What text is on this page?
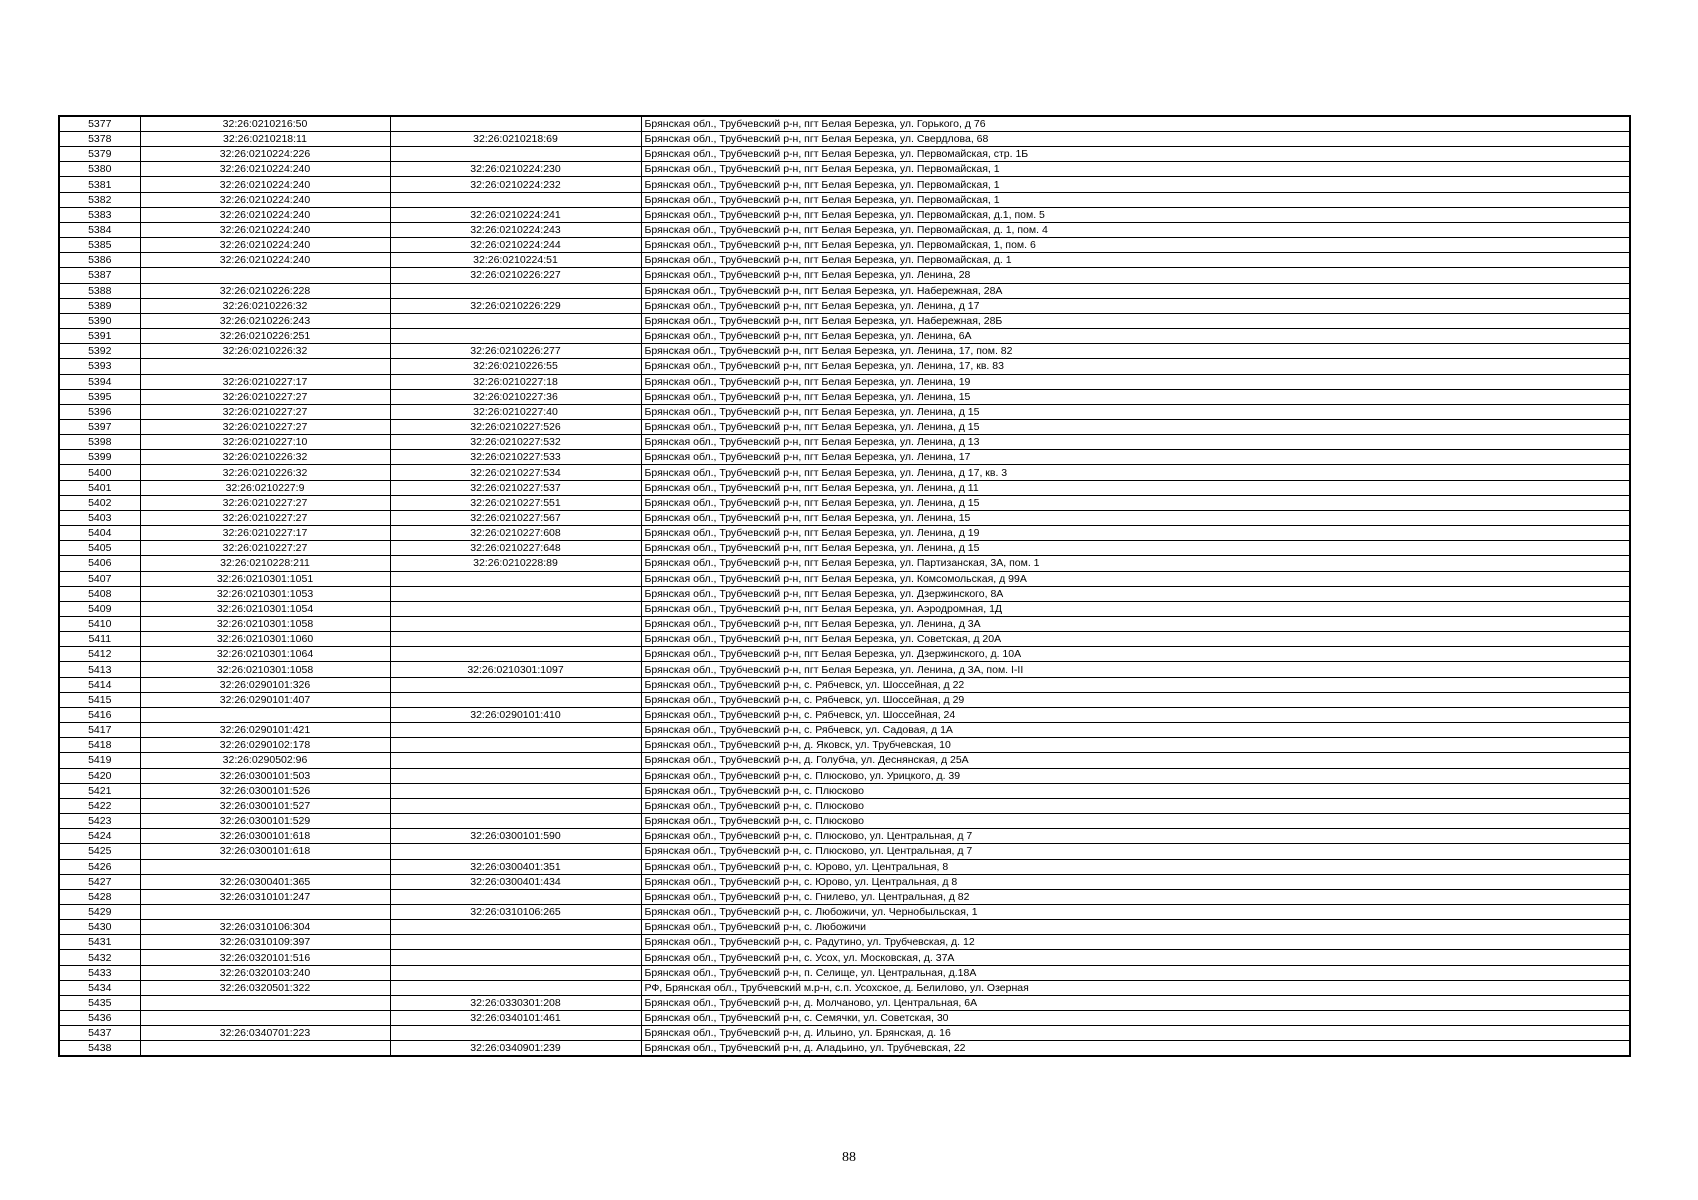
5377	32:26:0210216:50		Брянская обл., Трубчевский р-н, пгт Белая Березка, ул. Горького, д 76
5378	32:26:0210218:11	32:26:0210218:69	Брянская обл., Трубчевский р-н, пгт Белая Березка, ул. Свердлова, 68
5379	32:26:0210224:226		Брянская обл., Трубчевский р-н, пгт Белая Березка, ул. Первомайская, стр. 1Б
5380	32:26:0210224:240	32:26:0210224:230	Брянская обл., Трубчевский р-н, пгт Белая Березка, ул. Первомайская, 1
5381	32:26:0210224:240	32:26:0210224:232	Брянская обл., Трубчевский р-н, пгт Белая Березка, ул. Первомайская, 1
5382	32:26:0210224:240		Брянская обл., Трубчевский р-н, пгт Белая Березка, ул. Первомайская, 1
5383	32:26:0210224:240	32:26:0210224:241	Брянская обл., Трубчевский р-н, пгт Белая Березка, ул. Первомайская, д.1, пом. 5
5384	32:26:0210224:240	32:26:0210224:243	Брянская обл., Трубчевский р-н, пгт Белая Березка, ул. Первомайская, д. 1, пом. 4
5385	32:26:0210224:240	32:26:0210224:244	Брянская обл., Трубчевский р-н, пгт Белая Березка, ул. Первомайская, 1, пом. 6
5386	32:26:0210224:240	32:26:0210224:51	Брянская обл., Трубчевский р-н, пгт Белая Березка, ул. Первомайская, д. 1
5387		32:26:0210226:227	Брянская обл., Трубчевский р-н, пгт Белая Березка, ул. Ленина, 28
5388	32:26:0210226:228		Брянская обл., Трубчевский р-н, пгт Белая Березка, ул. Набережная, 28А
5389	32:26:0210226:32	32:26:0210226:229	Брянская обл., Трубчевский р-н, пгт Белая Березка, ул. Ленина, д 17
5390	32:26:0210226:243		Брянская обл., Трубчевский р-н, пгт Белая Березка, ул. Набережная, 28Б
5391	32:26:0210226:251		Брянская обл., Трубчевский р-н, пгт Белая Березка, ул. Ленина, 6А
5392	32:26:0210226:32	32:26:0210226:277	Брянская обл., Трубчевский р-н, пгт Белая Березка, ул. Ленина, 17, пом. 82
5393		32:26:0210226:55	Брянская обл., Трубчевский р-н, пгт Белая Березка, ул. Ленина, 17, кв. 83
5394	32:26:0210227:17	32:26:0210227:18	Брянская обл., Трубчевский р-н, пгт Белая Березка, ул. Ленина, 19
5395	32:26:0210227:27	32:26:0210227:36	Брянская обл., Трубчевский р-н, пгт Белая Березка, ул. Ленина, 15
5396	32:26:0210227:27	32:26:0210227:40	Брянская обл., Трубчевский р-н, пгт Белая Березка, ул. Ленина, д 15
5397	32:26:0210227:27	32:26:0210227:526	Брянская обл., Трубчевский р-н, пгт Белая Березка, ул. Ленина, д 15
5398	32:26:0210227:10	32:26:0210227:532	Брянская обл., Трубчевский р-н, пгт Белая Березка, ул. Ленина, д 13
5399	32:26:0210226:32	32:26:0210227:533	Брянская обл., Трубчевский р-н, пгт Белая Березка, ул. Ленина, 17
5400	32:26:0210226:32	32:26:0210227:534	Брянская обл., Трубчевский р-н, пгт Белая Березка, ул. Ленина, д 17, кв. 3
5401	32:26:0210227:9	32:26:0210227:537	Брянская обл., Трубчевский р-н, пгт Белая Березка, ул. Ленина, д 11
5402	32:26:0210227:27	32:26:0210227:551	Брянская обл., Трубчевский р-н, пгт Белая Березка, ул. Ленина, д 15
5403	32:26:0210227:27	32:26:0210227:567	Брянская обл., Трубчевский р-н, пгт Белая Березка, ул. Ленина, 15
5404	32:26:0210227:17	32:26:0210227:608	Брянская обл., Трубчевский р-н, пгт Белая Березка, ул. Ленина, д 19
5405	32:26:0210227:27	32:26:0210227:648	Брянская обл., Трубчевский р-н, пгт Белая Березка, ул. Ленина, д 15
5406	32:26:0210228:211	32:26:0210228:89	Брянская обл., Трубчевский р-н, пгт Белая Березка, ул. Партизанская, 3А, пом. 1
5407	32:26:0210301:1051		Брянская обл., Трубчевский р-н, пгт Белая Березка, ул. Комсомольская, д 99А
5408	32:26:0210301:1053		Брянская обл., Трубчевский р-н, пгт Белая Березка, ул. Дзержинского, 8А
5409	32:26:0210301:1054		Брянская обл., Трубчевский р-н, пгт Белая Березка, ул. Аэродромная, 1Д
5410	32:26:0210301:1058		Брянская обл., Трубчевский р-н, пгт Белая Березка, ул. Ленина, д 3А
5411	32:26:0210301:1060		Брянская обл., Трубчевский р-н, пгт Белая Березка, ул. Советская, д 20А
5412	32:26:0210301:1064		Брянская обл., Трубчевский р-н, пгт Белая Березка, ул. Дзержинского, д. 10А
5413	32:26:0210301:1058	32:26:0210301:1097	Брянская обл., Трубчевский р-н, пгт Белая Березка, ул. Ленина, д 3А, пом. I-II
5414	32:26:0290101:326		Брянская обл., Трубчевский р-н, с. Рябчевск, ул. Шоссейная, д 22
5415	32:26:0290101:407		Брянская обл., Трубчевский р-н, с. Рябчевск, ул. Шоссейная, д 29
5416		32:26:0290101:410	Брянская обл., Трубчевский р-н, с. Рябчевск, ул. Шоссейная, 24
5417	32:26:0290101:421		Брянская обл., Трубчевский р-н, с. Рябчевск, ул. Садовая, д 1А
5418	32:26:0290102:178		Брянская обл., Трубчевский р-н, д. Яковск, ул. Трубчевская, 10
5419	32:26:0290502:96		Брянская обл., Трубчевский р-н, д. Голубча, ул. Деснянская, д 25А
5420	32:26:0300101:503		Брянская обл., Трубчевский р-н, с. Плюсково, ул. Урицкого, д. 39
5421	32:26:0300101:526		Брянская обл., Трубчевский р-н, с. Плюсково
5422	32:26:0300101:527		Брянская обл., Трубчевский р-н, с. Плюсково
5423	32:26:0300101:529		Брянская обл., Трубчевский р-н, с. Плюсково
5424	32:26:0300101:618	32:26:0300101:590	Брянская обл., Трубчевский р-н, с. Плюсково, ул. Центральная, д 7
5425	32:26:0300101:618		Брянская обл., Трубчевский р-н, с. Плюсково, ул. Центральная, д 7
5426		32:26:0300401:351	Брянская обл., Трубчевский р-н, с. Юрово, ул. Центральная, 8
5427	32:26:0300401:365	32:26:0300401:434	Брянская обл., Трубчевский р-н, с. Юрово, ул. Центральная, д 8
5428	32:26:0310101:247		Брянская обл., Трубчевский р-н, с. Гнилево, ул. Центральная, д 82
5429		32:26:0310106:265	Брянская обл., Трубчевский р-н, с. Любожичи, ул. Чернобыльская, 1
5430	32:26:0310106:304		Брянская обл., Трубчевский р-н, с. Любожичи
5431	32:26:0310109:397		Брянская обл., Трубчевский р-н, с. Радутино, ул. Трубчевская, д. 12
5432	32:26:0320101:516		Брянская обл., Трубчевский р-н, с. Усох, ул. Московская, д. 37А
5433	32:26:0320103:240		Брянская обл., Трубчевский р-н, п. Селище, ул. Центральная, д.18А
5434	32:26:0320501:322		РФ, Брянская обл., Трубчевский м.р-н, с.п. Усохское, д. Белилово, ул. Озерная
5435		32:26:0330301:208	Брянская обл., Трубчевский р-н, д. Молчаново, ул. Центральная, 6А
5436		32:26:0340101:461	Брянская обл., Трубчевский р-н, с. Семячки, ул. Советская, 30
5437	32:26:0340701:223		Брянская обл., Трубчевский р-н, д. Ильино, ул. Брянская, д. 16
5438		32:26:0340901:239	Брянская обл., Трубчевский р-н, д. Аладьино, ул. Трубчевская, 22
88
